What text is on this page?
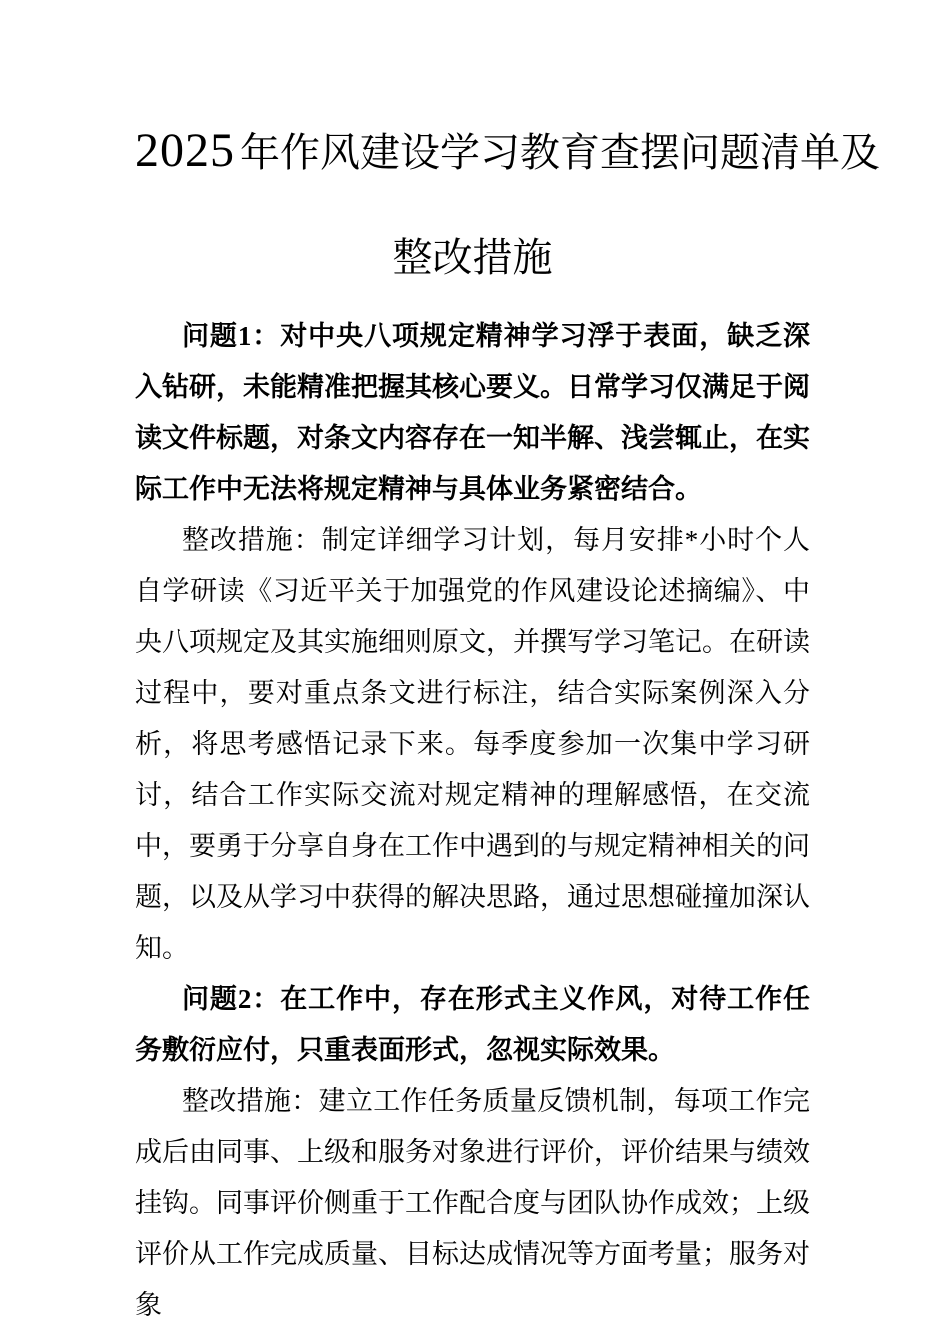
2025 年作风建设学习教育查摆问题清单及
整改措施

问题1：对中央八项规定精神学习浮于表面，缺乏深入钻研，未能精准把握其核心要义。日常学习仅满足于阅读文件标题，对条文内容存在一知半解、浅尝辄止，在实际工作中无法将规定精神与具体业务紧密结合。

整改措施：制定详细学习计划，每月安排*小时个人自学研读《习近平关于加强党的作风建设论述摘编》、中央八项规定及其实施细则原文，并撰写学习笔记。在研读过程中，要对重点条文进行标注，结合实际案例深入分析，将思考感悟记录下来。每季度参加一次集中学习研讨，结合工作实际交流对规定精神的理解感悟，在交流中，要勇于分享自身在工作中遇到的与规定精神相关的问题，以及从学习中获得的解决思路，通过思想碰撞加深认知。

问题2：在工作中，存在形式主义作风，对待工作任务敷衍应付，只重表面形式，忽视实际效果。

整改措施：建立工作任务质量反馈机制，每项工作完成后由同事、上级和服务对象进行评价，评价结果与绩效挂钩。同事评价侧重于工作配合度与团队协作成效；上级评价从工作完成质量、目标达成情况等方面考量；服务对象
